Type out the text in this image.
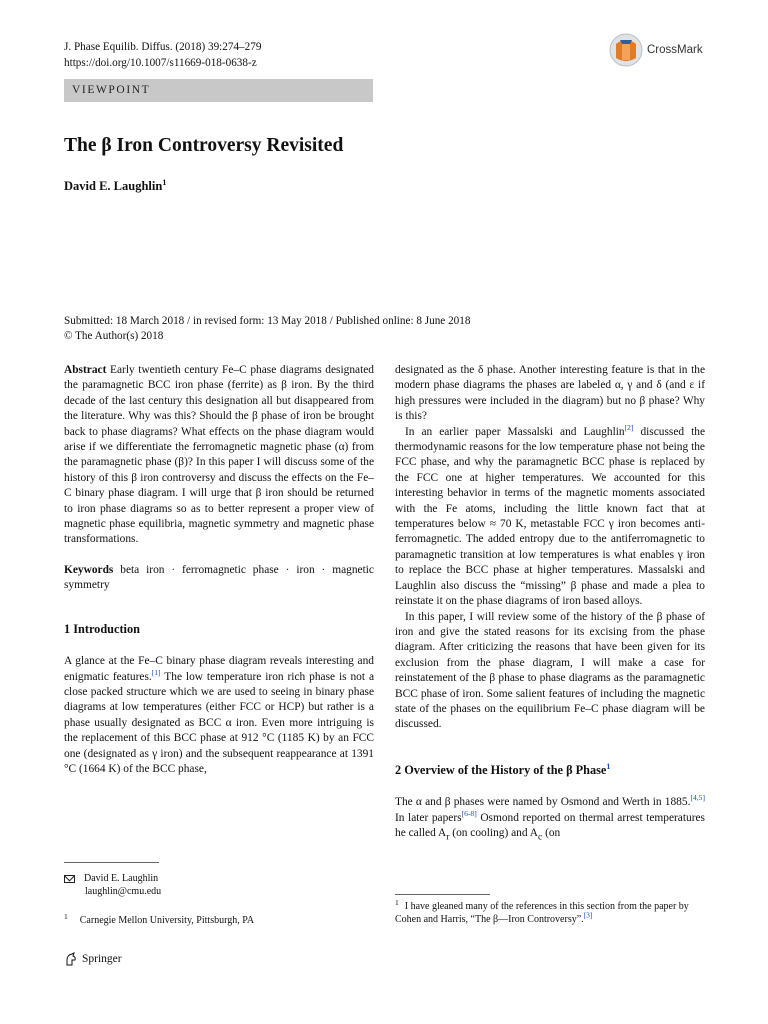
J. Phase Equilib. Diffus. (2018) 39:274–279
https://doi.org/10.1007/s11669-018-0638-z
CrossMark
VIEWPOINT
The β Iron Controversy Revisited
David E. Laughlin$^1$
Submitted: 18 March 2018 / in revised form: 13 May 2018 / Published online: 8 June 2018
© The Author(s) 2018

Abstract Early twentieth century Fe–C phase diagrams designated the paramagnetic BCC iron phase (ferrite) as β iron. By the third decade of the last century this designation all but disappeared from the literature. Why was this? Should the β phase of iron be brought back to phase diagrams? What effects on the phase diagram would arise if we differentiate the ferromagnetic magnetic phase (α) from the paramagnetic phase (β)? In this paper I will discuss some of the history of this β iron controversy and discuss the effects on the Fe–C binary phase diagram. I will urge that β iron should be returned to iron phase diagrams so as to better represent a proper view of magnetic phase equilibria, magnetic symmetry and magnetic phase transformations.

Keywords beta iron · ferromagnetic phase · iron · magnetic symmetry

1 Introduction

A glance at the Fe–C binary phase diagram reveals interesting and enigmatic features.[1] The low temperature iron rich phase is not a close packed structure which we are used to seeing in binary phase diagrams at low temperatures (either FCC or HCP) but rather is a phase usually designated as BCC α iron. Even more intriguing is the replacement of this BCC phase at 912 °C (1185 K) by an FCC one (designated as γ iron) and the subsequent reappearance at 1391 °C (1664 K) of the BCC phase,

designated as the δ phase. Another interesting feature is that in the modern phase diagrams the phases are labeled α, γ and δ (and ε if high pressures were included in the diagram) but no β phase? Why is this?

In an earlier paper Massalski and Laughlin[2] discussed the thermodynamic reasons for the low temperature phase not being the FCC phase, and why the paramagnetic BCC phase is replaced by the FCC one at higher temperatures. We accounted for this interesting behavior in terms of the magnetic moments associated with the Fe atoms, including the little known fact that at temperatures below ≈ 70 K, metastable FCC γ iron becomes anti-ferromagnetic. The added entropy due to the antiferromagnetic to paramagnetic transition at low temperatures is what enables γ iron to replace the BCC phase at higher temperatures. Massalski and Laughlin also discuss the “missing” β phase and made a plea to reinstate it on the phase diagrams of iron based alloys.

In this paper, I will review some of the history of the β phase of iron and give the stated reasons for its excising from the phase diagram. After criticizing the reasons that have been given for its exclusion from the phase diagram, I will make a case for reinstatement of the β phase to phase diagrams as the paramagnetic BCC phase of iron. Some salient features of including the magnetic state of the phases on the equilibrium Fe–C phase diagram will be discussed.

2 Overview of the History of the β Phase$^1$

The α and β phases were named by Osmond and Werth in 1885.[4,5] In later papers[6-8] Osmond reported on thermal arrest temperatures he called $A_r$ (on cooling) and $A_c$ (on

David E. Laughlin
laughlin@cmu.edu
$^1$ Carnegie Mellon University, Pittsburgh, PA
$^1$ I have gleaned many of the references in this section from the paper by Cohen and Harris, “The β—Iron Controversy”.[3]
Springer
